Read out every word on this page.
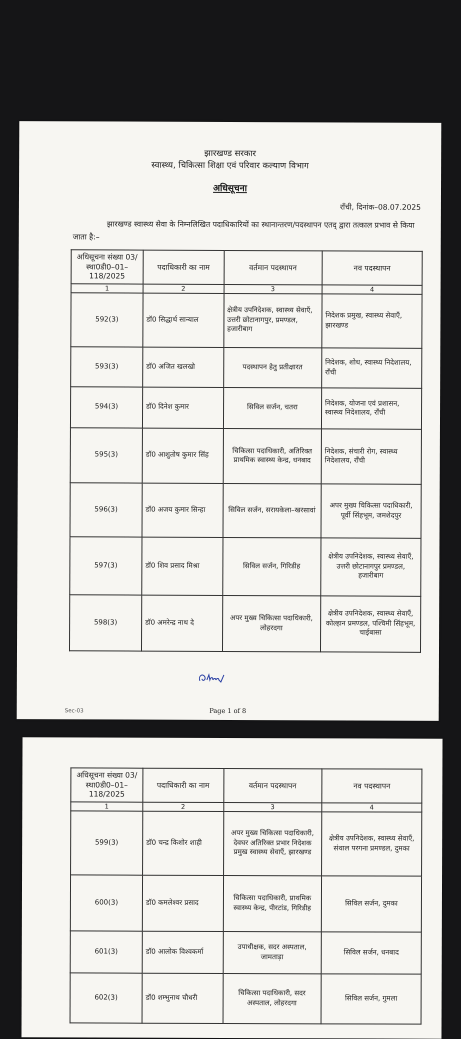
झारखण्ड सरकार
स्वास्थ्य, चिकित्सा शिक्षा एवं परिवार कल्याण विभाग
अधिसूचना
राँची, दिनांक–08.07.2025
झारखण्ड स्वास्थ्य सेवा के निम्नलिखित पदाधिकारियों का स्थानान्तरण/पदस्थापन एतद् द्वारा तत्काल प्रभाव से किया जाता है:–
अधिसूचना संख्या 03/स्था0डी0–01–118/2025	पदाधिकारी का नाम	वर्तमान पदस्थापन	नव पदस्थापन
1	2	3	4
592(3)	डॉ0 सिद्धार्थ सान्याल	क्षेत्रीय उपनिदेशक, स्वास्थ्य सेवाएँ, उत्तरी छोटानागपुर, प्रमण्डल, हजारीबाग	निदेशक प्रमुख, स्वास्थ्य सेवाएँ, झारखण्ड
593(3)	डॉ0 अजित खलखो	पदस्थापन हेतु प्रतीक्षारत	निदेशक, शोध, स्वास्थ्य निदेशालय, राँची
594(3)	डॉ0 दिनेश कुमार	सिविल सर्जन, चतरा	निदेशक, योजना एवं प्रशासन, स्वास्थ्य निदेशालय, राँची
595(3)	डॉ0 आशुतोष कुमार सिंह	चिकित्सा पदाधिकारी, अतिरिक्त प्राथमिक स्वास्थ्य केन्द्र, धनबाद	निदेशक, संचारी रोग, स्वास्थ्य निदेशालय, राँची
596(3)	डॉ0 अजय कुमार सिन्हा	सिविल सर्जन, सरायकेला–खरसावां	अपर मुख्य चिकित्सा पदाधिकारी, पूर्वी सिंहभूम, जमशेदपुर
597(3)	डॉ0 शिव प्रसाद मिश्रा	सिविल सर्जन, गिरिडीह	क्षेत्रीय उपनिदेशक, स्वास्थ्य सेवाएँ, उत्तरी छोटानागपुर प्रमण्डल, हजारीबाग
598(3)	डॉ0 अमरेन्द्र नाथ दे	अपर मुख्य चिकित्सा पदाधिकारी, लोहरदगा	क्षेत्रीय उपनिदेशक, स्वास्थ्य सेवाएँ, कोल्हान प्रमण्डल, पश्चिमी सिंहभूम, चाईबासा
Sec-03	Page 1 of 8
अधिसूचना संख्या 03/स्था0डी0–01–118/2025	पदाधिकारी का नाम	वर्तमान पदस्थापन	नव पदस्थापन
1	2	3	4
599(3)	डॉ0 चन्द्र किशोर शाही	अपर मुख्य चिकित्सा पदाधिकारी, देवघर अतिरिक्त प्रभार निदेशक प्रमुख स्वास्थ्य सेवाएँ, झारखण्ड	क्षेत्रीय उपनिदेशक, स्वास्थ्य सेवाएँ, संथाल परगना प्रमण्डल, दुमका
600(3)	डॉ0 कमलेश्वर प्रसाद	चिकित्सा पदाधिकारी, प्राथमिक स्वास्थ्य केन्द्र, पीरटांड, गिरिडीह	सिविल सर्जन, दुमका
601(3)	डॉ0 आलोक विश्वकर्मा	उपाधीक्षक, सदर अस्पताल, जामताड़ा	सिविल सर्जन, धनबाद
602(3)	डॉ0 शम्भुनाथ चौधरी	चिकित्सा पदाधिकारी, सदर अस्पताल, लोहरदगा	सिविल सर्जन, गुमला
